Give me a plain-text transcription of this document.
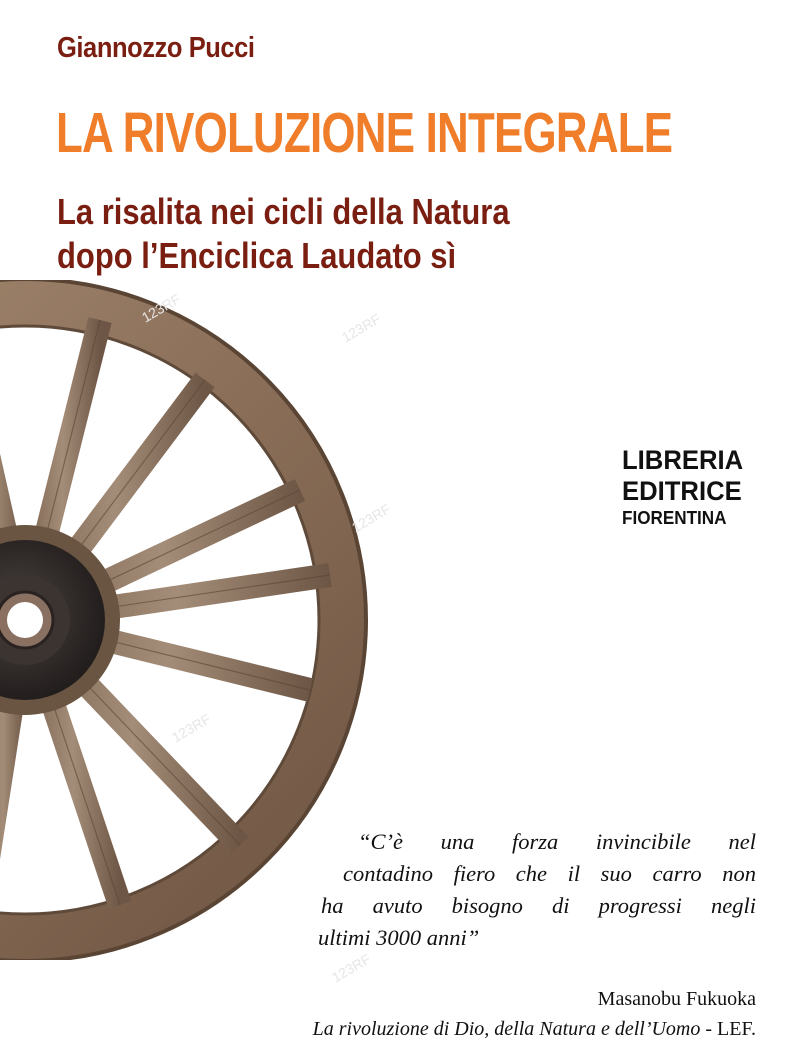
Giannozzo Pucci
LA RIVOLUZIONE INTEGRALE
La risalita nei cicli della Natura
dopo l’Enciclica Laudato sì
123RF
123RF
123RF
123RF
123RF
LIBRERIA
EDITRICE
FIORENTINA
“C’è una forza invincibile nel
contadino fiero che il suo carro non
ha avuto bisogno di progressi negli
ultimi 3000 anni”
Masanobu Fukuoka
La rivoluzione di Dio, della Natura e dell’Uomo - LEF.
